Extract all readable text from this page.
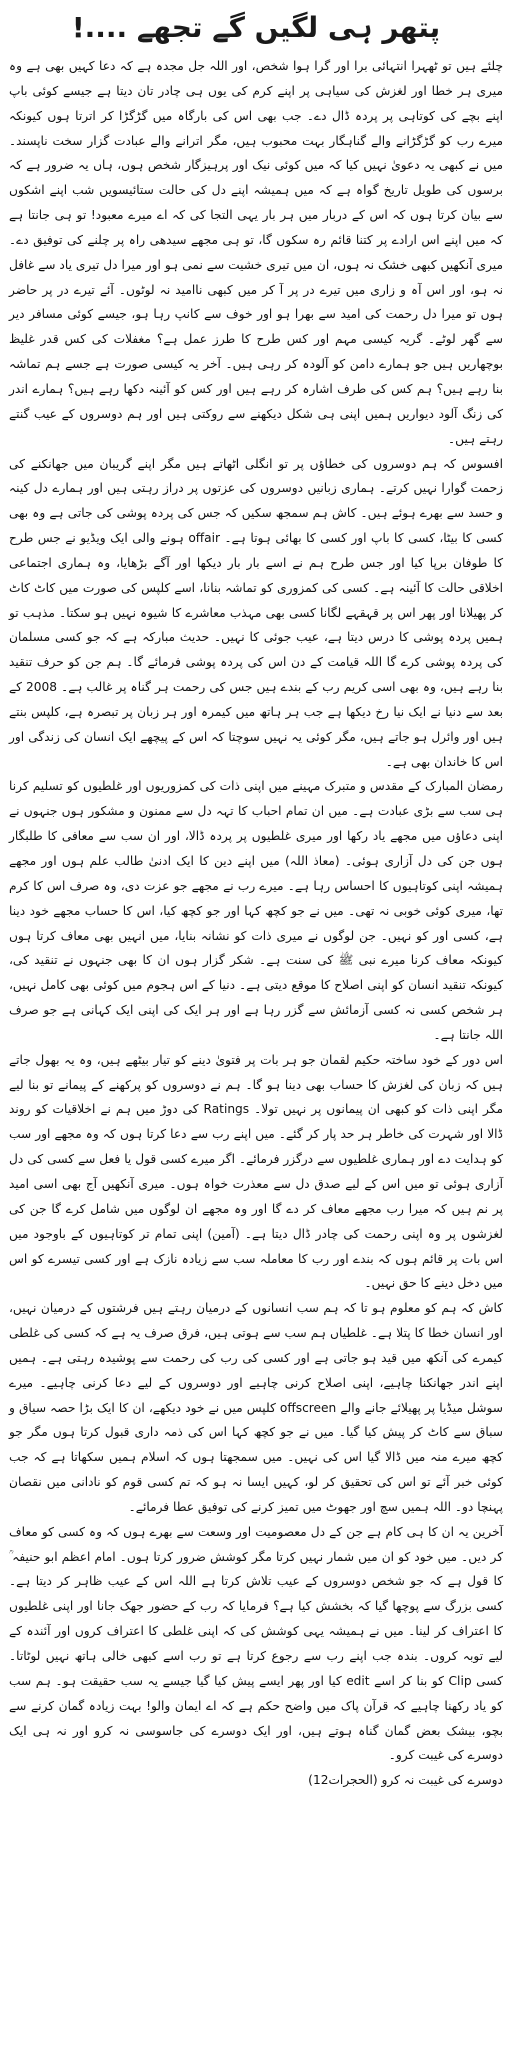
پتھر ہی لگیں گے تجھے ....!

چلئے ہیں تو ٹھہرا انتہائی برا اور گرا ہوا شخص، اور اللہ جل مجدہ ہے کہ دعا کہیں بھی ہے وہ میری ہر خطا اور لغزش کی سیاہی پر اپنے کرم کی یوں ہی چادر تان دیتا ہے جیسے کوئی باپ اپنے بچے کی کوتاہی پر پردہ ڈال دے۔ جب بھی اس کی بارگاہ میں گڑگڑا کر اترتا ہوں کیونکہ میرے رب کو گڑگڑانے والے گناہگار بہت محبوب ہیں، مگر اترانے والے عبادت گزار سخت ناپسند۔ میں نے کبھی یہ دعویٰ نہیں کیا کہ میں کوئی نیک اور پرہیزگار شخص ہوں، ہاں یہ ضرور ہے کہ برسوں کی طویل تاریخ گواہ ہے کہ میں ہمیشہ اپنے دل کی حالت ستائیسویں شب اپنے اشکوں سے بیان کرتا ہوں کہ اس کے دربار میں ہر بار یہی التجا کی کہ اے میرے معبود! تو ہی جانتا ہے کہ میں اپنے اس ارادے پر کتنا قائم رہ سکوں گا، تو ہی مجھے سیدھی راہ پر چلنے کی توفیق دے۔ میری آنکھیں کبھی خشک نہ ہوں، ان میں تیری خشیت سے نمی ہو اور میرا دل تیری یاد سے غافل نہ ہو، اور اس آہ و زاری میں تیرے در پر آ کر میں کبھی ناامید نہ لوٹوں۔ آئے تیرے در پر حاضر ہوں تو میرا دل رحمت کی امید سے بھرا ہو اور خوف سے کانپ رہا ہو، جیسے کوئی مسافر دیر سے گھر لوٹے۔ گریہ کیسی مہم اور کس طرح کا طرز عمل ہے؟ مغفلات کی کس قدر غلیظ بوچھاریں ہیں جو ہمارے دامن کو آلودہ کر رہی ہیں۔ آخر یہ کیسی صورت ہے جسے ہم تماشہ بنا رہے ہیں؟ ہم کس کی طرف اشارہ کر رہے ہیں اور کس کو آئینہ دکھا رہے ہیں؟ ہمارے اندر کی زنگ آلود دیواریں ہمیں اپنی ہی شکل دیکھنے سے روکتی ہیں اور ہم دوسروں کے عیب گنتے رہتے ہیں۔

افسوس کہ ہم دوسروں کی خطاؤں پر تو انگلی اٹھاتے ہیں مگر اپنے گریبان میں جھانکنے کی زحمت گوارا نہیں کرتے۔ ہماری زبانیں دوسروں کی عزتوں پر دراز رہتی ہیں اور ہمارے دل کینہ و حسد سے بھرے ہوئے ہیں۔ کاش ہم سمجھ سکیں کہ جس کی پردہ پوشی کی جاتی ہے وہ بھی کسی کا بیٹا، کسی کا باپ اور کسی کا بھائی ہوتا ہے۔ offair ہونے والی ایک ویڈیو نے جس طرح کا طوفان برپا کیا اور جس طرح ہم نے اسے بار بار دیکھا اور آگے بڑھایا، وہ ہماری اجتماعی اخلاقی حالت کا آئینہ ہے۔ کسی کی کمزوری کو تماشہ بنانا، اسے کلپس کی صورت میں کاٹ کاٹ کر پھیلانا اور پھر اس پر قہقہے لگانا کسی بھی مہذب معاشرے کا شیوہ نہیں ہو سکتا۔ مذہب تو ہمیں پردہ پوشی کا درس دیتا ہے، عیب جوئی کا نہیں۔ حدیث مبارکہ ہے کہ جو کسی مسلمان کی پردہ پوشی کرے گا اللہ قیامت کے دن اس کی پردہ پوشی فرمائے گا۔ ہم جن کو حرف تنقید بنا رہے ہیں، وہ بھی اسی کریم رب کے بندے ہیں جس کی رحمت ہر گناہ پر غالب ہے۔ 2008 کے بعد سے دنیا نے ایک نیا رخ دیکھا ہے جب ہر ہاتھ میں کیمرہ اور ہر زبان پر تبصرہ ہے، کلپس بنتے ہیں اور وائرل ہو جاتے ہیں، مگر کوئی یہ نہیں سوچتا کہ اس کے پیچھے ایک انسان کی زندگی اور اس کا خاندان بھی ہے۔

رمضان المبارک کے مقدس و متبرک مہینے میں اپنی ذات کی کمزوریوں اور غلطیوں کو تسلیم کرنا ہی سب سے بڑی عبادت ہے۔ میں ان تمام احباب کا تہہ دل سے ممنون و مشکور ہوں جنہوں نے اپنی دعاؤں میں مجھے یاد رکھا اور میری غلطیوں پر پردہ ڈالا، اور ان سب سے معافی کا طلبگار ہوں جن کی دل آزاری ہوئی۔ (معاذ اللہ) میں اپنے دین کا ایک ادنیٰ طالب علم ہوں اور مجھے ہمیشہ اپنی کوتاہیوں کا احساس رہا ہے۔ میرے رب نے مجھے جو عزت دی، وہ صرف اس کا کرم تھا، میری کوئی خوبی نہ تھی۔ میں نے جو کچھ کہا اور جو کچھ کیا، اس کا حساب مجھے خود دینا ہے، کسی اور کو نہیں۔ جن لوگوں نے میری ذات کو نشانہ بنایا، میں انہیں بھی معاف کرتا ہوں کیونکہ معاف کرنا میرے نبی ﷺ کی سنت ہے۔ شکر گزار ہوں ان کا بھی جنہوں نے تنقید کی، کیونکہ تنقید انسان کو اپنی اصلاح کا موقع دیتی ہے۔ دنیا کے اس ہجوم میں کوئی بھی کامل نہیں، ہر شخص کسی نہ کسی آزمائش سے گزر رہا ہے اور ہر ایک کی اپنی ایک کہانی ہے جو صرف اللہ جانتا ہے۔

اس دور کے خود ساختہ حکیم لقمان جو ہر بات پر فتویٰ دینے کو تیار بیٹھے ہیں، وہ یہ بھول جاتے ہیں کہ زبان کی لغزش کا حساب بھی دینا ہو گا۔ ہم نے دوسروں کو پرکھنے کے پیمانے تو بنا لیے مگر اپنی ذات کو کبھی ان پیمانوں پر نہیں تولا۔ Ratings کی دوڑ میں ہم نے اخلاقیات کو روند ڈالا اور شہرت کی خاطر ہر حد پار کر گئے۔ میں اپنے رب سے دعا کرتا ہوں کہ وہ مجھے اور سب کو ہدایت دے اور ہماری غلطیوں سے درگزر فرمائے۔ اگر میرے کسی قول یا فعل سے کسی کی دل آزاری ہوئی تو میں اس کے لیے صدق دل سے معذرت خواہ ہوں۔ میری آنکھیں آج بھی اسی امید پر نم ہیں کہ میرا رب مجھے معاف کر دے گا اور وہ مجھے ان لوگوں میں شامل کرے گا جن کی لغزشوں پر وہ اپنی رحمت کی چادر ڈال دیتا ہے۔ (آمین) اپنی تمام تر کوتاہیوں کے باوجود میں اس بات پر قائم ہوں کہ بندے اور رب کا معاملہ سب سے زیادہ نازک ہے اور کسی تیسرے کو اس میں دخل دینے کا حق نہیں۔

کاش کہ ہم کو معلوم ہو تا کہ ہم سب انسانوں کے درمیان رہتے ہیں فرشتوں کے درمیان نہیں، اور انسان خطا کا پتلا ہے۔ غلطیاں ہم سب سے ہوتی ہیں، فرق صرف یہ ہے کہ کسی کی غلطی کیمرے کی آنکھ میں قید ہو جاتی ہے اور کسی کی رب کی رحمت سے پوشیدہ رہتی ہے۔ ہمیں اپنے اندر جھانکنا چاہیے، اپنی اصلاح کرنی چاہیے اور دوسروں کے لیے دعا کرنی چاہیے۔ میرے سوشل میڈیا پر پھیلائے جانے والے offscreen کلپس میں نے خود دیکھے، ان کا ایک بڑا حصہ سیاق و سباق سے کاٹ کر پیش کیا گیا۔ میں نے جو کچھ کہا اس کی ذمہ داری قبول کرتا ہوں مگر جو کچھ میرے منہ میں ڈالا گیا اس کی نہیں۔ میں سمجھتا ہوں کہ اسلام ہمیں سکھاتا ہے کہ جب کوئی خبر آئے تو اس کی تحقیق کر لو، کہیں ایسا نہ ہو کہ تم کسی قوم کو نادانی میں نقصان پہنچا دو۔ اللہ ہمیں سچ اور جھوٹ میں تمیز کرنے کی توفیق عطا فرمائے۔

آخرین یہ ان کا ہی کام ہے جن کے دل معصومیت اور وسعت سے بھرے ہوں کہ وہ کسی کو معاف کر دیں۔ میں خود کو ان میں شمار نہیں کرتا مگر کوشش ضرور کرتا ہوں۔ امام اعظم ابو حنیفہ ؒ کا قول ہے کہ جو شخص دوسروں کے عیب تلاش کرتا ہے اللہ اس کے عیب ظاہر کر دیتا ہے۔ کسی بزرگ سے پوچھا گیا کہ بخشش کیا ہے؟ فرمایا کہ رب کے حضور جھک جانا اور اپنی غلطیوں کا اعتراف کر لینا۔ میں نے ہمیشہ یہی کوشش کی کہ اپنی غلطی کا اعتراف کروں اور آئندہ کے لیے توبہ کروں۔ بندہ جب اپنے رب سے رجوع کرتا ہے تو رب اسے کبھی خالی ہاتھ نہیں لوٹاتا۔ کسی Clip کو بنا کر اسے edit کیا اور پھر ایسے پیش کیا گیا جیسے یہ سب حقیقت ہو۔ ہم سب کو یاد رکھنا چاہیے کہ قرآن پاک میں واضح حکم ہے کہ اے ایمان والو! بہت زیادہ گمان کرنے سے بچو، بیشک بعض گمان گناہ ہوتے ہیں، اور ایک دوسرے کی جاسوسی نہ کرو اور نہ ہی ایک دوسرے کی غیبت کرو۔

دوسرے کی غیبت نہ کرو (الحجرات12)
